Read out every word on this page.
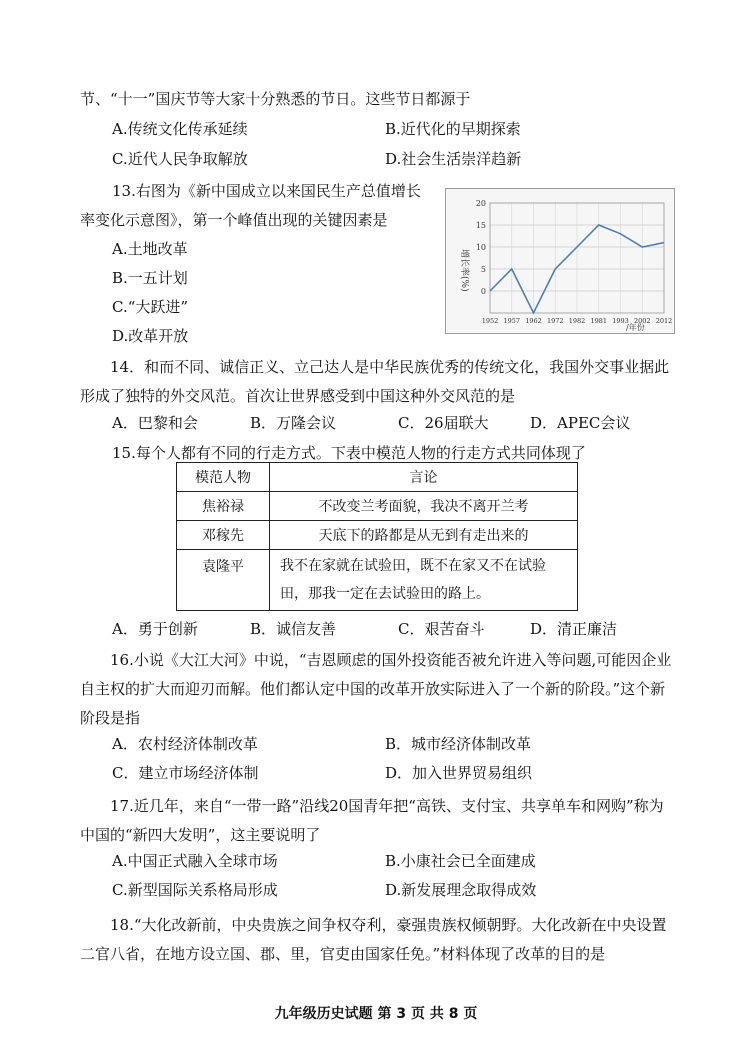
节、“十一”国庆节等大家十分熟悉的节日。这些节日都源于
A.传统文化传承延续	B.近代化的早期探索
C.近代人民争取解放	D.社会生活崇洋趋新
13.右图为《新中国成立以来国民生产总值增长
率变化示意图》，第一个峰值出现的关键因素是
A.土地改革
B.一五计划
C.“大跃进”
D.改革开放
20
15
10
5
0
1952 1957 1962 1972 1982 1981 1993 2002 2012
增长率(%)
/年份
14．和而不同、诚信正义、立己达人是中华民族优秀的传统文化，我国外交事业据此形成了独特的外交风范。首次让世界感受到中国这种外交风范的是
A．巴黎和会	B．万隆会议	C．26届联大	D．APEC会议
15.每个人都有不同的行走方式。下表中模范人物的行走方式共同体现了
模范人物	言论
焦裕禄	不改变兰考面貌，我决不离开兰考
邓稼先	天底下的路都是从无到有走出来的
袁隆平	我不在家就在试验田，既不在家又不在试验田，那我一定在去试验田的路上。
A．勇于创新	B．诚信友善	C．艰苦奋斗	D．清正廉洁
16.小说《大江大河》中说，“吉恩顾虑的国外投资能否被允许进入等问题,可能因企业自主权的扩大而迎刃而解。他们都认定中国的改革开放实际进入了一个新的阶段。”这个新阶段是指
A．农村经济体制改革	B．城市经济体制改革
C．建立市场经济体制	D．加入世界贸易组织
17.近几年，来自“一带一路”沿线20国青年把“高铁、支付宝、共享单车和网购”称为中国的“新四大发明”，这主要说明了
A.中国正式融入全球市场	B.小康社会已全面建成
C.新型国际关系格局形成	D.新发展理念取得成效
18.“大化改新前，中央贵族之间争权夺利，豪强贵族权倾朝野。大化改新在中央设置二官八省，在地方设立国、郡、里，官吏由国家任免。”材料体现了改革的目的是
九年级历史试题 第 3 页 共 8 页
